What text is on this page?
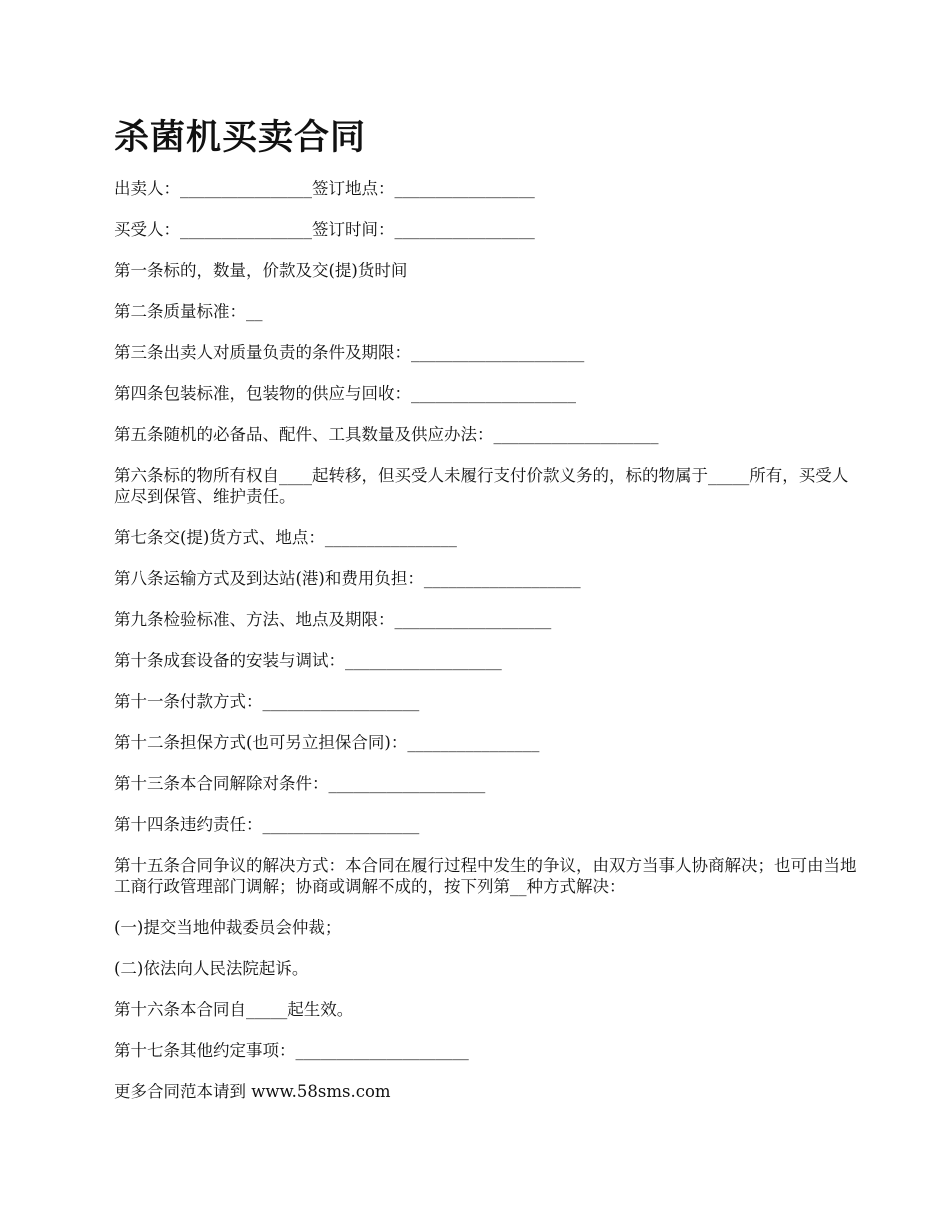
杀菌机买卖合同

出卖人：________________签订地点：_________________

买受人：________________签订时间：_________________

第一条标的，数量，价款及交(提)货时间

第二条质量标准：__

第三条出卖人对质量负责的条件及期限：_____________________

第四条包装标准，包装物的供应与回收：____________________

第五条随机的必备品、配件、工具数量及供应办法：____________________

第六条标的物所有权自____起转移，但买受人未履行支付价款义务的，标的物属于_____所有，买受人应尽到保管、维护责任。

第七条交(提)货方式、地点：________________

第八条运输方式及到达站(港)和费用负担：___________________

第九条检验标准、方法、地点及期限：___________________

第十条成套设备的安装与调试：___________________

第十一条付款方式：___________________

第十二条担保方式(也可另立担保合同)：________________

第十三条本合同解除对条件：___________________

第十四条违约责任：___________________

第十五条合同争议的解决方式：本合同在履行过程中发生的争议，由双方当事人协商解决；也可由当地工商行政管理部门调解；协商或调解不成的，按下列第__种方式解决：

(一)提交当地仲裁委员会仲裁；

(二)依法向人民法院起诉。

第十六条本合同自_____起生效。

第十七条其他约定事项：_____________________

更多合同范本请到 www.58sms.com
